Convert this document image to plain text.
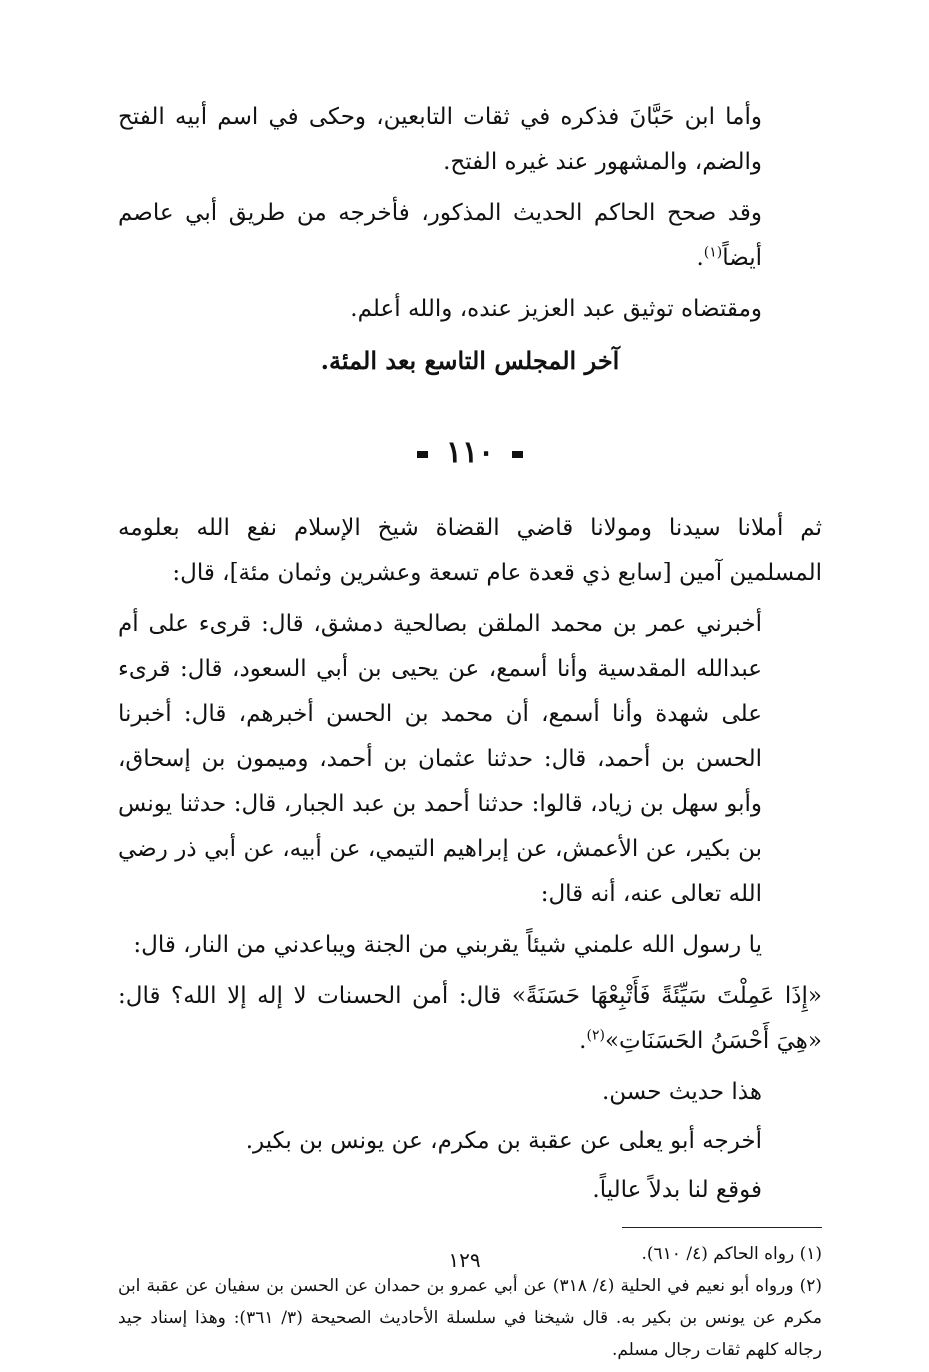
وأما ابن حَبَّانَ فذكره في ثقات التابعين، وحكى في اسم أبيه الفتح والضم، والمشهور عند غيره الفتح.

وقد صحح الحاكم الحديث المذكور، فأخرجه من طريق أبي عاصم أيضاً$^{(١)}$.

ومقتضاه توثيق عبد العزيز عنده، والله أعلم.

آخر المجلس التاسع بعد المئة.

١١٠

ثم أملانا سيدنا ومولانا قاضي القضاة شيخ الإسلام نفع الله بعلومه المسلمين آمين [سابع ذي قعدة عام تسعة وعشرين وثمان مئة]، قال:

أخبرني عمر بن محمد الملقن بصالحية دمشق، قال: قرىء على أم عبدالله المقدسية وأنا أسمع، عن يحيى بن أبي السعود، قال: قرىء على شهدة وأنا أسمع، أن محمد بن الحسن أخبرهم، قال: أخبرنا الحسن بن أحمد، قال: حدثنا عثمان بن أحمد، وميمون بن إسحاق، وأبو سهل بن زياد، قالوا: حدثنا أحمد بن عبد الجبار، قال: حدثنا يونس بن بكير، عن الأعمش، عن إبراهيم التيمي، عن أبيه، عن أبي ذر رضي الله تعالى عنه، أنه قال:

يا رسول الله علمني شيئاً يقربني من الجنة ويباعدني من النار، قال:

«إِذَا عَمِلْتَ سَيِّئَةً فَأَتْبِعْهَا حَسَنَةً» قال: أمن الحسنات لا إله إلا الله؟ قال: «هِيَ أَحْسَنُ الحَسَنَاتِ»$^{(٢)}$.

هذا حديث حسن.

أخرجه أبو يعلى عن عقبة بن مكرم، عن يونس بن بكير.

فوقع لنا بدلاً عالياً.

(١) رواه الحاكم (٤/ ٦١٠).

(٢) ورواه أبو نعيم في الحلية (٤/ ٣١٨) عن أبي عمرو بن حمدان عن الحسن بن سفيان عن عقبة ابن مكرم عن يونس بن بكير به. قال شيخنا في سلسلة الأحاديث الصحيحة (٣/ ٣٦١): وهذا إسناد جيد رجاله كلهم ثقات رجال مسلم.

١٢٩
